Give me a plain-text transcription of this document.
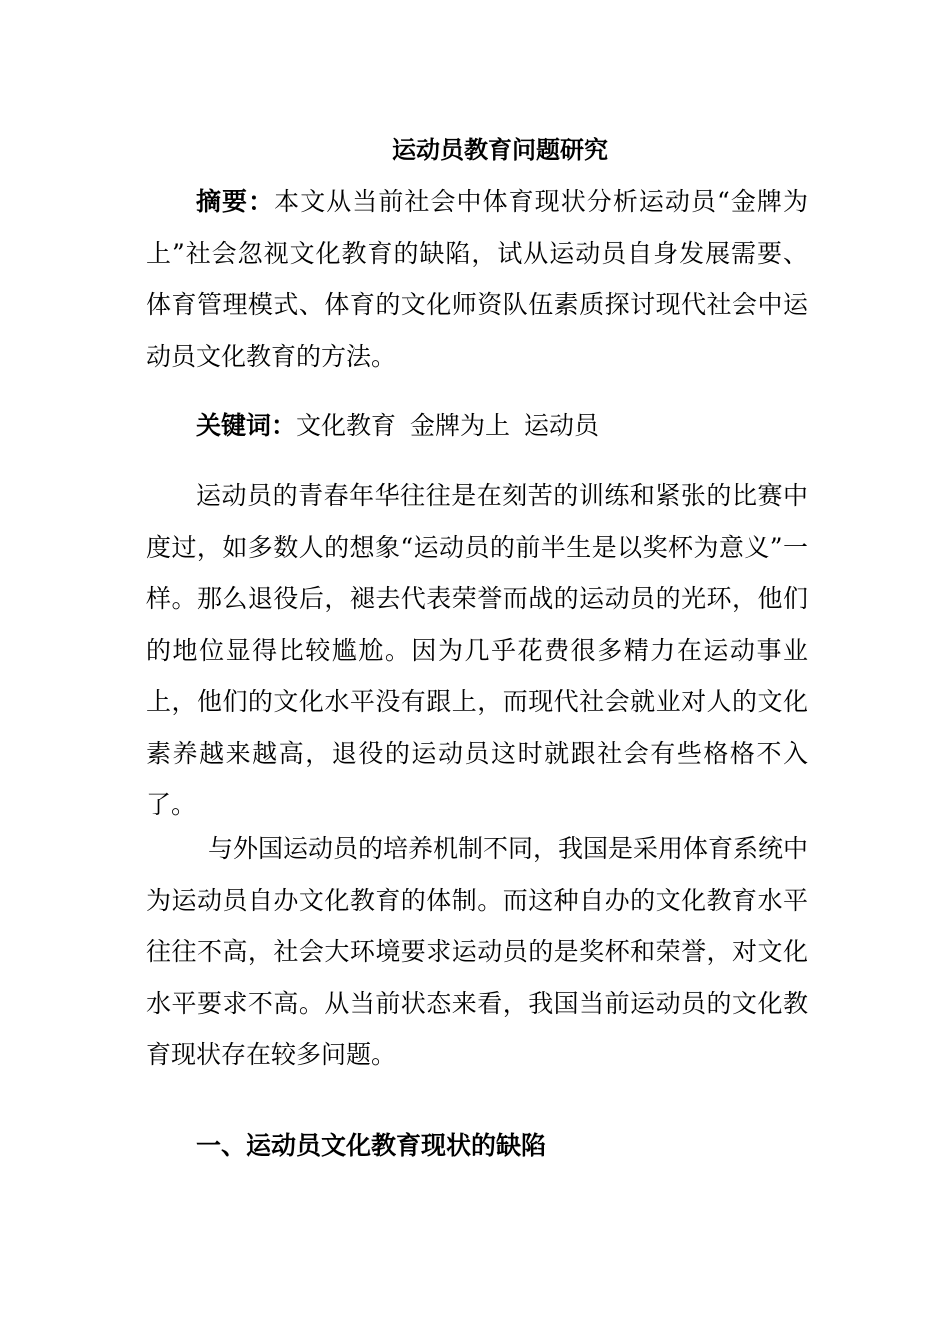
运动员教育问题研究
摘要：本文从当前社会中体育现状分析运动员“金牌为上”社会忽视文化教育的缺陷，试从运动员自身发展需要、体育管理模式、体育的文化师资队伍素质探讨现代社会中运动员文化教育的方法。
关键词：文化教育 金牌为上 运动员
运动员的青春年华往往是在刻苦的训练和紧张的比赛中度过，如多数人的想象“运动员的前半生是以奖杯为意义”一样。那么退役后，褪去代表荣誉而战的运动员的光环，他们的地位显得比较尴尬。因为几乎花费很多精力在运动事业上，他们的文化水平没有跟上，而现代社会就业对人的文化素养越来越高，退役的运动员这时就跟社会有些格格不入了。
与外国运动员的培养机制不同，我国是采用体育系统中为运动员自办文化教育的体制。而这种自办的文化教育水平往往不高，社会大环境要求运动员的是奖杯和荣誉，对文化水平要求不高。从当前状态来看，我国当前运动员的文化教育现状存在较多问题。
一、运动员文化教育现状的缺陷
